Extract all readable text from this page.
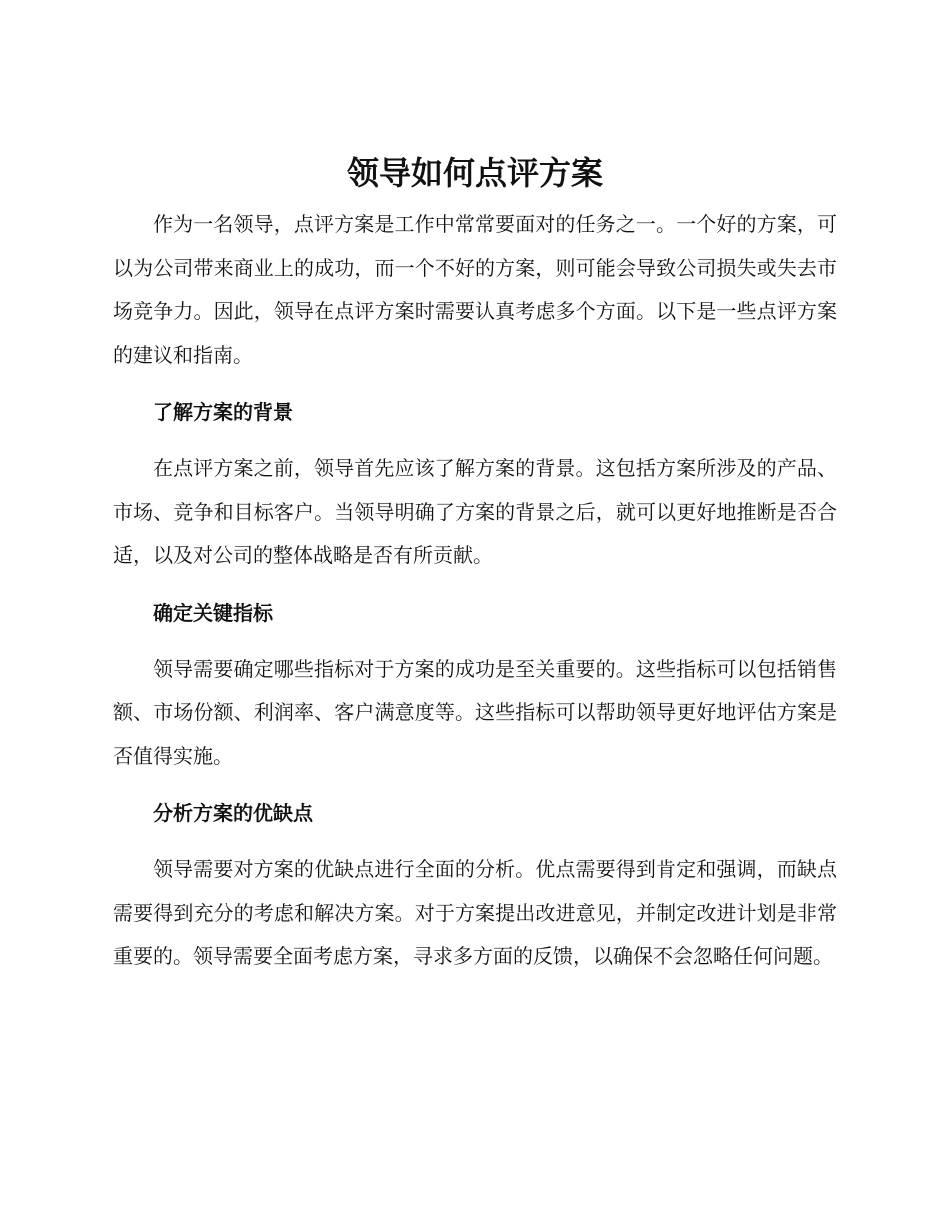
领导如何点评方案

作为一名领导，点评方案是工作中常常要面对的任务之一。一个好的方案，可以为公司带来商业上的成功，而一个不好的方案，则可能会导致公司损失或失去市场竞争力。因此，领导在点评方案时需要认真考虑多个方面。以下是一些点评方案的建议和指南。

了解方案的背景

在点评方案之前，领导首先应该了解方案的背景。这包括方案所涉及的产品、市场、竞争和目标客户。当领导明确了方案的背景之后，就可以更好地推断是否合适，以及对公司的整体战略是否有所贡献。

确定关键指标

领导需要确定哪些指标对于方案的成功是至关重要的。这些指标可以包括销售额、市场份额、利润率、客户满意度等。这些指标可以帮助领导更好地评估方案是否值得实施。

分析方案的优缺点

领导需要对方案的优缺点进行全面的分析。优点需要得到肯定和强调，而缺点需要得到充分的考虑和解决方案。对于方案提出改进意见，并制定改进计划是非常重要的。领导需要全面考虑方案，寻求多方面的反馈，以确保不会忽略任何问题。
